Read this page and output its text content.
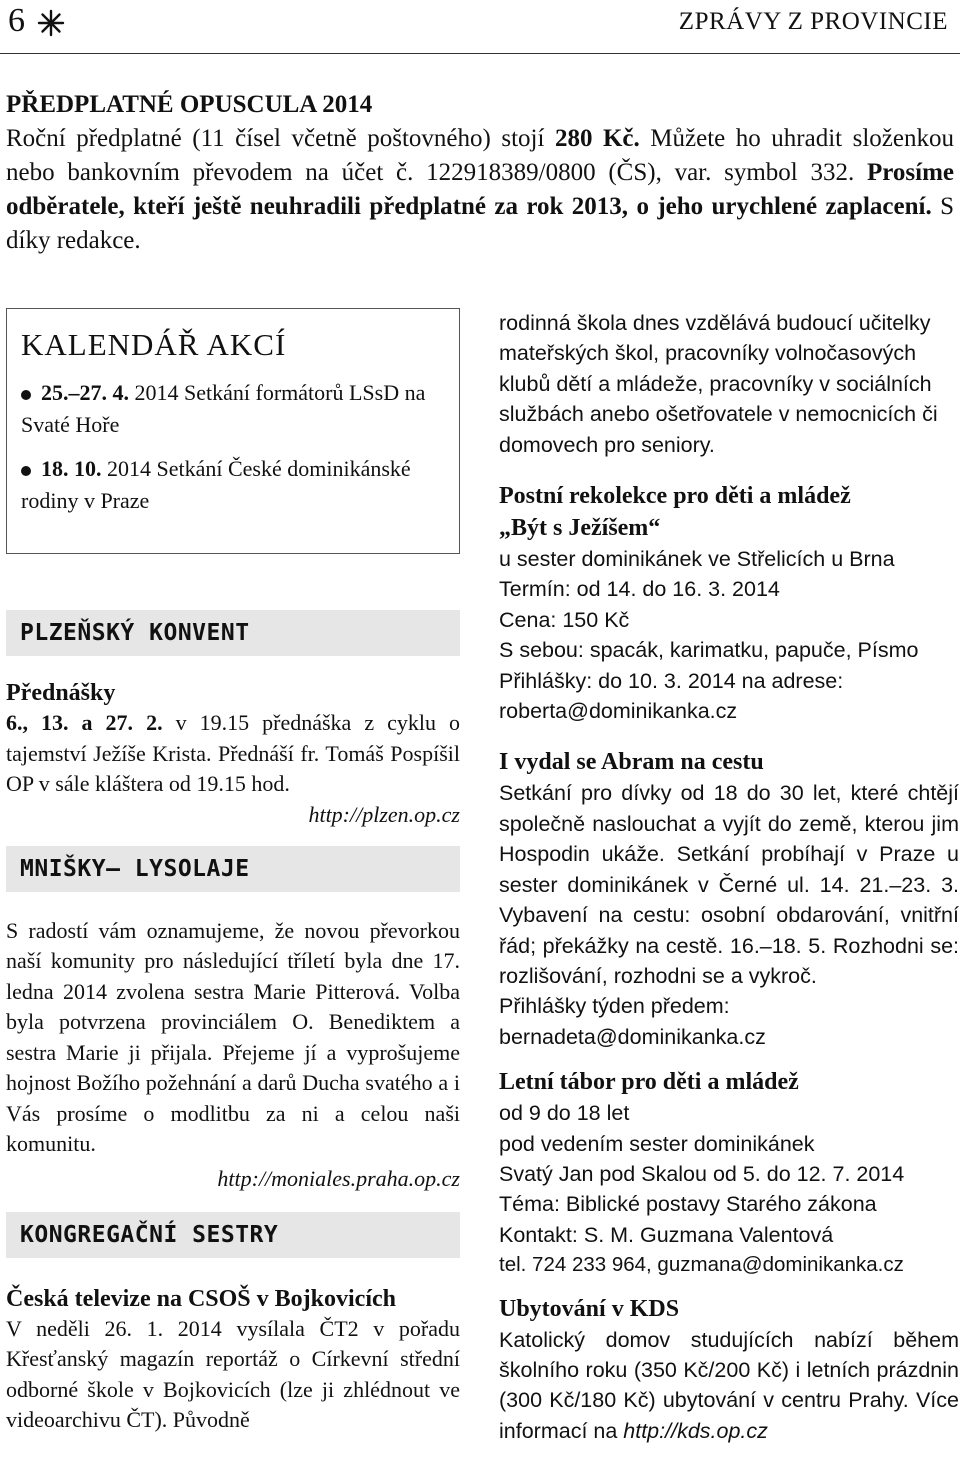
6	ZPRÁVY Z PROVINCIE
PŘEDPLATNÉ OPUSCULA 2014

Roční předplatné (11 čísel včetně poštovného) stojí 280 Kč. Můžete ho uhradit složenkou nebo bankovním převodem na účet č. 122918389/0800 (ČS), var. symbol 332. Prosíme odběratele, kteří ještě neuhradili předplatné za rok 2013, o jeho urychlené zaplacení. S díky redakce.

KALENDÁŘ AKCÍ
25.–27. 4. 2014 Setkání formátorů LSsD na Svaté Hoře
18. 10. 2014 Setkání České dominikánské rodiny v Praze
PLZEŇSKÝ KONVENT

Přednášky

6., 13. a 27. 2. v 19.15 přednáška z cyklu o tajemství Ježíše Krista. Přednáší fr. Tomáš Pospíšil OP v sále kláštera od 19.15 hod.

http://plzen.op.cz
MNIŠKY– LYSOLAJE

S radostí vám oznamujeme, že novou převorkou naší komunity pro následující tříletí byla dne 17. ledna 2014 zvolena sestra Marie Pitterová. Volba byla potvrzena provinciálem O. Benediktem a sestra Marie ji přijala. Přejeme jí a vyprošujeme hojnost Božího požehnání a darů Ducha svatého a i Vás prosíme o modlitbu za ni a celou naši komunitu.

http://moniales.praha.op.cz
KONGREGAČNÍ SESTRY

Česká televize na CSOŠ v Bojkovicích

V neděli 26. 1. 2014 vysílala ČT2 v pořadu Křesťanský magazín reportáž o Církevní střední odborné škole v Bojkovicích (lze ji zhlédnout ve videoarchivu ČT). Původně

rodinná škola dnes vzdělává budoucí učitelky mateřských škol, pracovníky volnočasových klubů dětí a mládeže, pracovníky v sociálních službách anebo ošetřovatele v nemocnicích či domovech pro seniory.

Postní rekolekce pro děti a mládež

„Být s Ježíšem“

u sester dominikánek ve Střelicích u Brna

Termín: od 14. do 16. 3. 2014

Cena: 150 Kč

S sebou: spacák, karimatku, papuče, Písmo

Přihlášky: do 10. 3. 2014 na adrese:

roberta@dominikanka.cz

I vydal se Abram na cestu

Setkání pro dívky od 18 do 30 let, které chtějí společně naslouchat a vyjít do země, kterou jim Hospodin ukáže. Setkání probíhají v Praze u sester dominikánek v Černé ul. 14. 21.–23. 3. Vybavení na cestu: osobní obdarování, vnitřní řád; překážky na cestě. 16.–18. 5. Rozhodni se: rozlišování, rozhodni se a vykroč.

Přihlášky týden předem:

bernadeta@dominikanka.cz

Letní tábor pro děti a mládež

od 9 do 18 let

pod vedením sester dominikánek

Svatý Jan pod Skalou od 5. do 12. 7. 2014

Téma: Biblické postavy Starého zákona

Kontakt: S. M. Guzmana Valentová

tel. 724 233 964, guzmana@dominikanka.cz

Ubytování v KDS

Katolický domov studujících nabízí během školního roku (350 Kč/200 Kč) i letních prázdnin (300 Kč/180 Kč) ubytování v centru Prahy. Více informací na http://kds.op.cz
